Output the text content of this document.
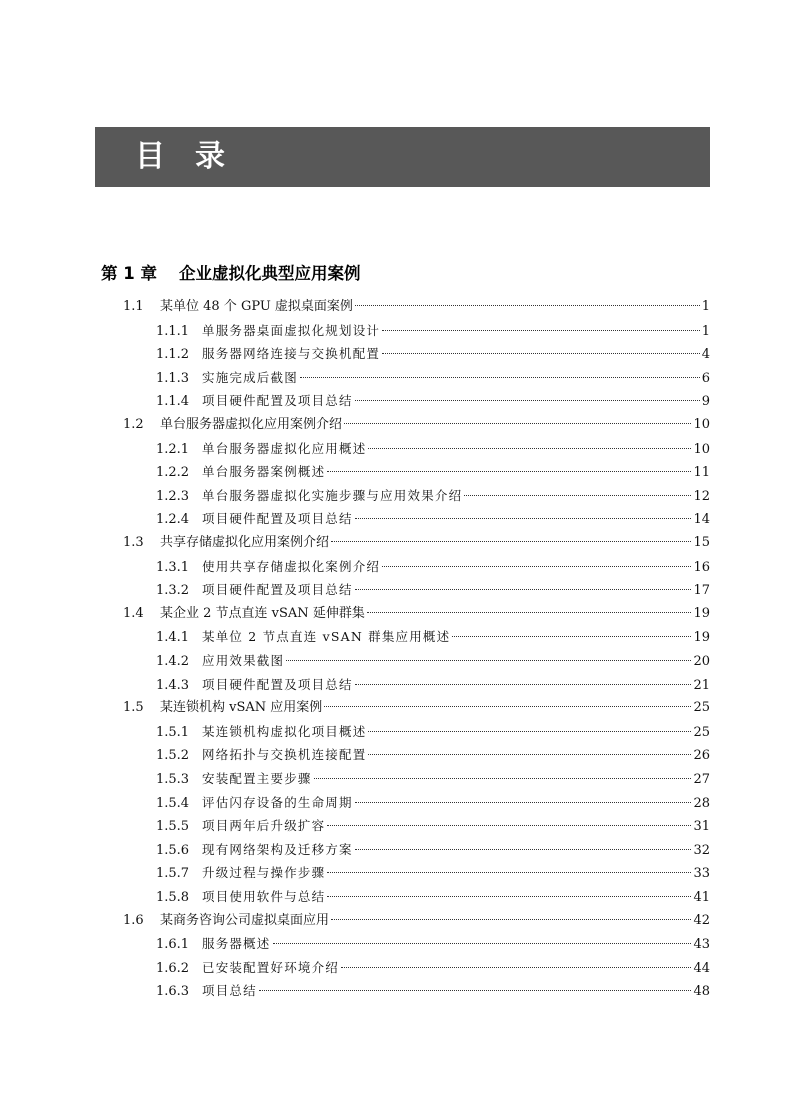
目录
第 1 章 企业虚拟化典型应用案例
1.1	某单位 48 个 GPU 虚拟桌面案例	1
1.1.1	单服务器桌面虚拟化规划设计	1
1.1.2	服务器网络连接与交换机配置	4
1.1.3	实施完成后截图	6
1.1.4	项目硬件配置及项目总结	9
1.2	单台服务器虚拟化应用案例介绍	10
1.2.1	单台服务器虚拟化应用概述	10
1.2.2	单台服务器案例概述	11
1.2.3	单台服务器虚拟化实施步骤与应用效果介绍	12
1.2.4	项目硬件配置及项目总结	14
1.3	共享存储虚拟化应用案例介绍	15
1.3.1	使用共享存储虚拟化案例介绍	16
1.3.2	项目硬件配置及项目总结	17
1.4	某企业 2 节点直连 vSAN 延伸群集	19
1.4.1	某单位 2 节点直连 vSAN 群集应用概述	19
1.4.2	应用效果截图	20
1.4.3	项目硬件配置及项目总结	21
1.5	某连锁机构 vSAN 应用案例	25
1.5.1	某连锁机构虚拟化项目概述	25
1.5.2	网络拓扑与交换机连接配置	26
1.5.3	安装配置主要步骤	27
1.5.4	评估闪存设备的生命周期	28
1.5.5	项目两年后升级扩容	31
1.5.6	现有网络架构及迁移方案	32
1.5.7	升级过程与操作步骤	33
1.5.8	项目使用软件与总结	41
1.6	某商务咨询公司虚拟桌面应用	42
1.6.1	服务器概述	43
1.6.2	已安装配置好环境介绍	44
1.6.3	项目总结	48
